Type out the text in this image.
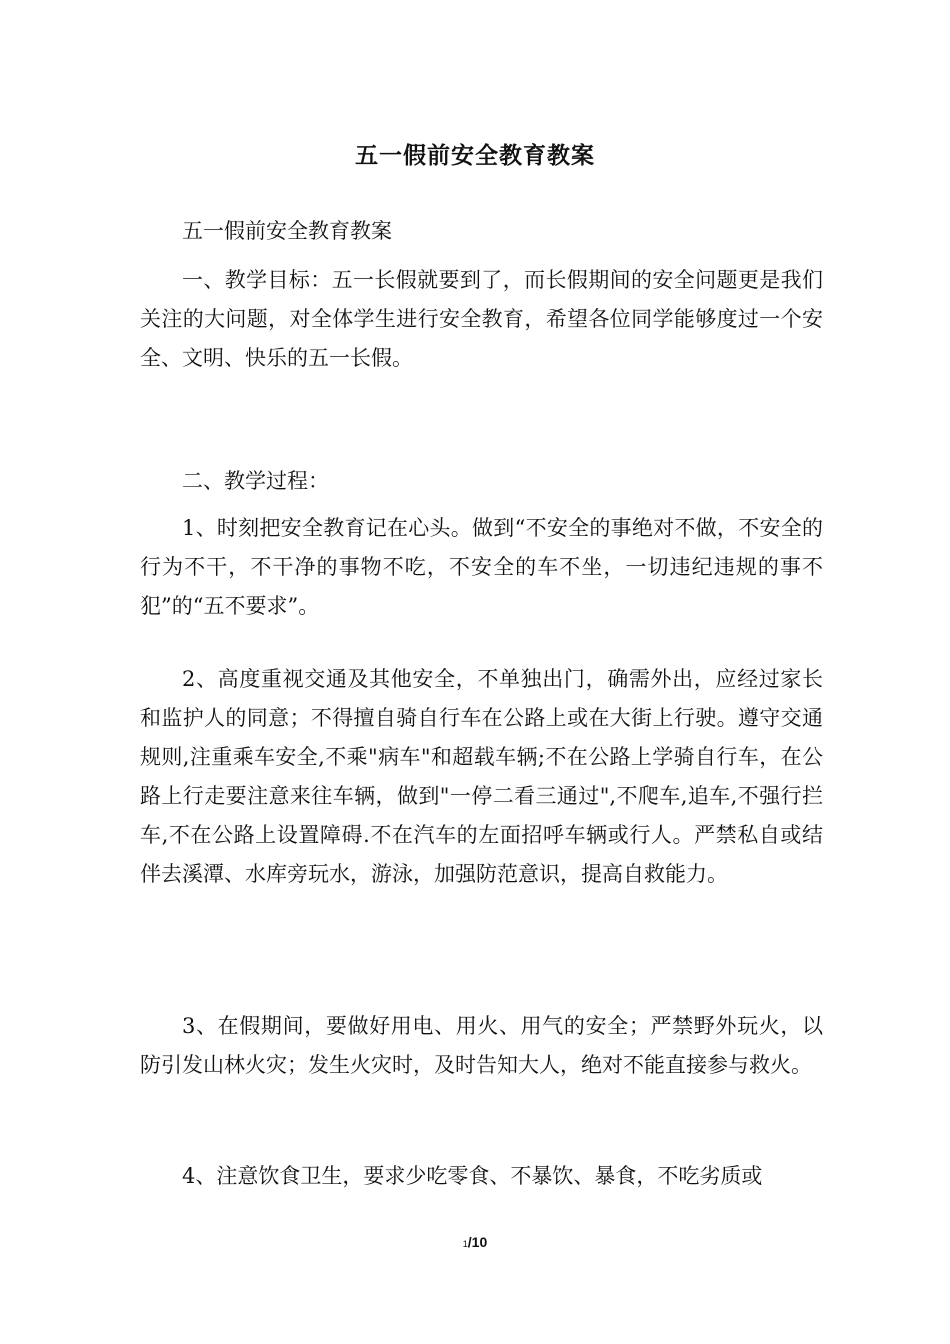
五一假前安全教育教案

五一假前安全教育教案

一、教学目标：五一长假就要到了，而长假期间的安全问题更是我们关注的大问题，对全体学生进行安全教育，希望各位同学能够度过一个安全、文明、快乐的五一长假。

二、教学过程：

1、时刻把安全教育记在心头。做到“不安全的事绝对不做，不安全的行为不干，不干净的事物不吃，不安全的车不坐，一切违纪违规的事不犯”的“五不要求”。

2、高度重视交通及其他安全，不单独出门，确需外出，应经过家长和监护人的同意；不得擅自骑自行车在公路上或在大街上行驶。遵守交通规则,注重乘车安全,不乘"病车"和超载车辆;不在公路上学骑自行车，在公路上行走要注意来往车辆，做到"一停二看三通过",不爬车,追车,不强行拦车,不在公路上设置障碍.不在汽车的左面招呼车辆或行人。严禁私自或结伴去溪潭、水库旁玩水，游泳，加强防范意识，提高自救能力。

3、在假期间，要做好用电、用火、用气的安全；严禁野外玩火，以防引发山林火灾；发生火灾时，及时告知大人，绝对不能直接参与救火。

4、注意饮食卫生，要求少吃零食、不暴饮、暴食，不吃劣质或

1/10
